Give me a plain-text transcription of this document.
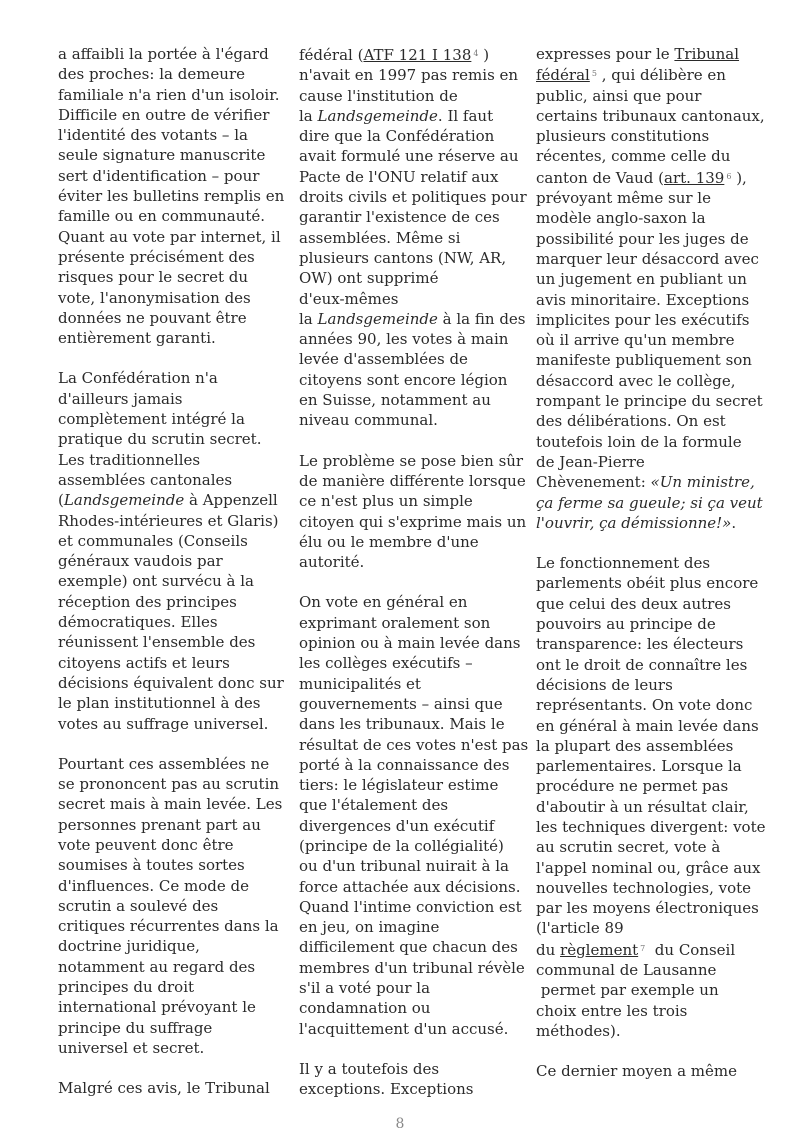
a affaibli la portée à l'égard
des proches: la demeure
familiale n'a rien d'un isoloir.
Difficile en outre de vérifier
l'identité des votants – la
seule signature manuscrite
sert d'identification – pour
éviter les bulletins remplis en
famille ou en communauté.
Quant au vote par internet, il
présente précisément des
risques pour le secret du
vote, l'anonymisation des
données ne pouvant être
entièrement garanti.

La Confédération n'a
d'ailleurs jamais
complètement intégré la
pratique du scrutin secret.
Les traditionnelles
assemblées cantonales
(Landsgemeinde à Appenzell
Rhodes-intérieures et Glaris)
et communales (Conseils
généraux vaudois par
exemple) ont survécu à la
réception des principes
démocratiques. Elles
réunissent l'ensemble des
citoyens actifs et leurs
décisions équivalent donc sur
le plan institutionnel à des
votes au suffrage universel.

Pourtant ces assemblées ne
se prononcent pas au scrutin
secret mais à main levée. Les
personnes prenant part au
vote peuvent donc être
soumises à toutes sortes
d'influences. Ce mode de
scrutin a soulevé des
critiques récurrentes dans la
doctrine juridique,
notamment au regard des
principes du droit
international prévoyant le
principe du suffrage
universel et secret.

Malgré ces avis, le Tribunal

fédéral (ATF 121 I 138 $^4$ )
n'avait en 1997 pas remis en
cause l'institution de
la Landsgemeinde. Il faut
dire que la Confédération
avait formulé une réserve au
Pacte de l'ONU relatif aux
droits civils et politiques pour
garantir l'existence de ces
assemblées. Même si
plusieurs cantons (NW, AR,
OW) ont supprimé
d'eux-mêmes
la Landsgemeinde à la fin des
années 90, les votes à main
levée d'assemblées de
citoyens sont encore légion
en Suisse, notamment au
niveau communal.

Le problème se pose bien sûr
de manière différente lorsque
ce n'est plus un simple
citoyen qui s'exprime mais un
élu ou le membre d'une
autorité.

On vote en général en
exprimant oralement son
opinion ou à main levée dans
les collèges exécutifs –
municipalités et
gouvernements – ainsi que
dans les tribunaux. Mais le
résultat de ces votes n'est pas
porté à la connaissance des
tiers: le législateur estime
que l'étalement des
divergences d'un exécutif
(principe de la collégialité)
ou d'un tribunal nuirait à la
force attachée aux décisions.
Quand l'intime conviction est
en jeu, on imagine
difficilement que chacun des
membres d'un tribunal révèle
s'il a voté pour la
condamnation ou
l'acquittement d'un accusé.

Il y a toutefois des
exceptions. Exceptions

expresses pour le Tribunal
fédéral $^5$ , qui délibère en
public, ainsi que pour
certains tribunaux cantonaux,
plusieurs constitutions
récentes, comme celle du
canton de Vaud (art. 139 $^6$ ),
prévoyant même sur le
modèle anglo-saxon la
possibilité pour les juges de
marquer leur désaccord avec
un jugement en publiant un
avis minoritaire. Exceptions
implicites pour les exécutifs
où il arrive qu'un membre
manifeste publiquement son
désaccord avec le collège,
rompant le principe du secret
des délibérations. On est
toutefois loin de la formule
de Jean-Pierre
Chèvenement: «Un ministre,
ça ferme sa gueule; si ça veut
l'ouvrir, ça démissionne!».

Le fonctionnement des
parlements obéit plus encore
que celui des deux autres
pouvoirs au principe de
transparence: les électeurs
ont le droit de connaître les
décisions de leurs
représentants. On vote donc
en général à main levée dans
la plupart des assemblées
parlementaires. Lorsque la
procédure ne permet pas
d'aboutir à un résultat clair,
les techniques divergent: vote
au scrutin secret, vote à
l'appel nominal ou, grâce aux
nouvelles technologies, vote
par les moyens électroniques
(l'article 89
du règlement $^7$  du Conseil
communal de Lausanne
permet par exemple un
choix entre les trois
méthodes).

Ce dernier moyen a même

8
